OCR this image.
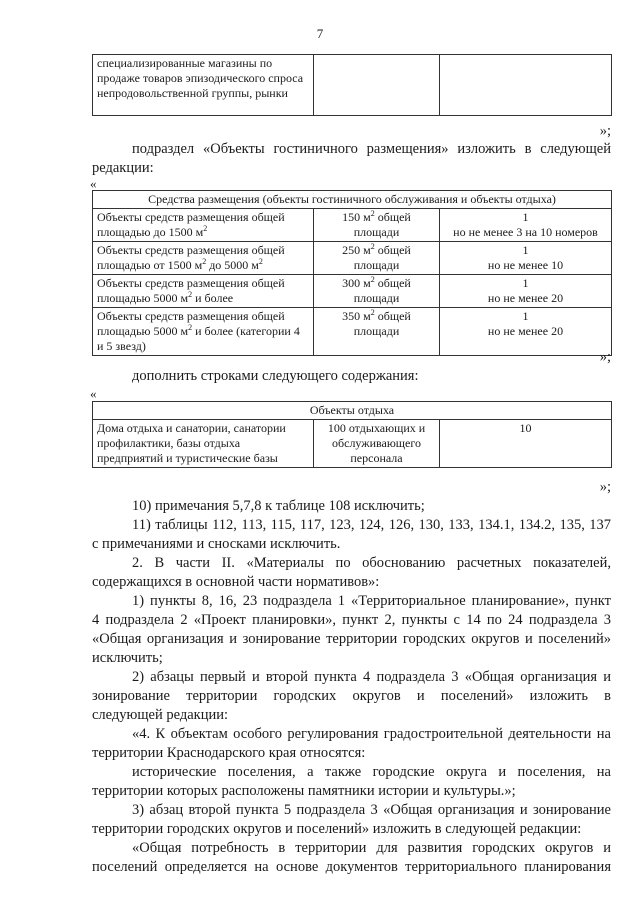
7
специализированные магазины по продаже товаров эпизодического спроса непродовольственной группы, рынки		
»;
подраздел «Объекты гостиничного размещения» изложить в следующей
редакции:
«
Средства размещения (объекты гостиничного обслуживания и объекты отдыха)		
Объекты средств размещения общей площадью до 1500 $м^2$	150 $м^2$ общей площади	1
но не менее 3 на 10 номеров
Объекты средств размещения общей площадью от 1500 $м^2$ до 5000 $м^2$	250 $м^2$ общей площади	1
но не менее 10
Объекты средств размещения общей площадью 5000 $м^2$ и более	300 $м^2$ общей площади	1
но не менее 20
Объекты средств размещения общей площадью 5000 $м^2$ и более (категории 4 и 5 звезд)	350 $м^2$ общей площади	1
но не менее 20
»;
дополнить строками следующего содержания:
«
Объекты отдыха
Дома отдыха и санатории, санатории профилактики, базы отдыха предприятий и туристические базы	100 отдыхающих и обслуживающего персонала	10
»;
10) примечания 5,7,8 к таблице 108 исключить;
11) таблицы 112, 113, 115, 117, 123, 124, 126, 130, 133, 134.1, 134.2, 135, 137
с примечаниями и сносками исключить.
2. В части II. «Материалы по обоснованию расчетных показателей,
содержащихся в основной части нормативов»:
1) пункты 8, 16, 23 подраздела 1 «Территориальное планирование», пункт
4 подраздела 2 «Проект планировки», пункт 2, пункты с 14 по 24 подраздела 3
«Общая организация и зонирование территории городских округов и поселений»
исключить;
2) абзацы первый и второй пункта 4 подраздела 3 «Общая организация и
зонирование территории городских округов и поселений» изложить в
следующей редакции:
«4. К объектам особого регулирования градостроительной деятельности на
территории Краснодарского края относятся:
исторические поселения, а также городские округа и поселения, на
территории которых расположены памятники истории и культуры.»;
3) абзац второй пункта 5 подраздела 3 «Общая организация и зонирование
территории городских округов и поселений» изложить в следующей редакции:
«Общая потребность в территории для развития городских округов и
поселений определяется на основе документов территориального планирования
